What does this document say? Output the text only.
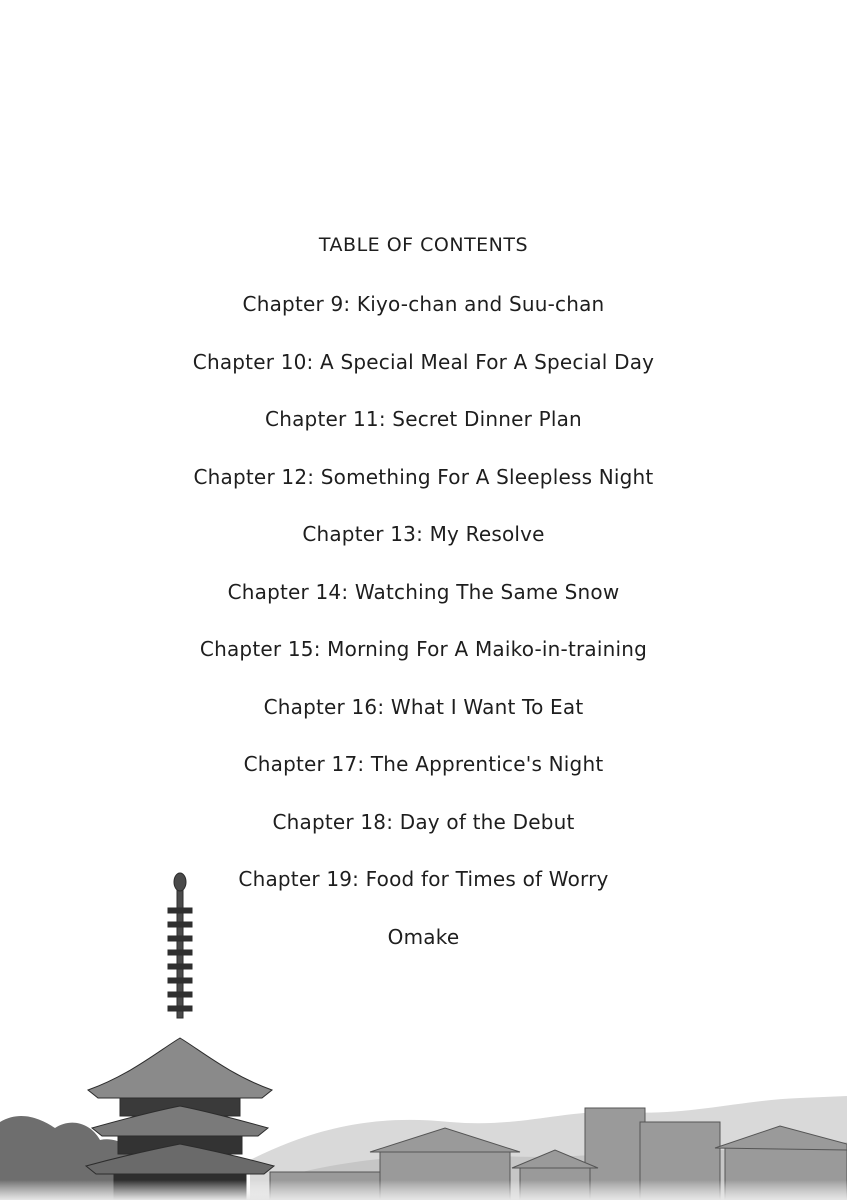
TABLE OF CONTENTS
Chapter 9: Kiyo-chan and Suu-chan
Chapter 10: A Special Meal For A Special Day
Chapter 11: Secret Dinner Plan
Chapter 12: Something For A Sleepless Night
Chapter 13: My Resolve
Chapter 14: Watching The Same Snow
Chapter 15: Morning For A Maiko-in-training
Chapter 16: What I Want To Eat
Chapter 17: The Apprentice's Night
Chapter 18: Day of the Debut
Chapter 19: Food for Times of Worry
Omake
